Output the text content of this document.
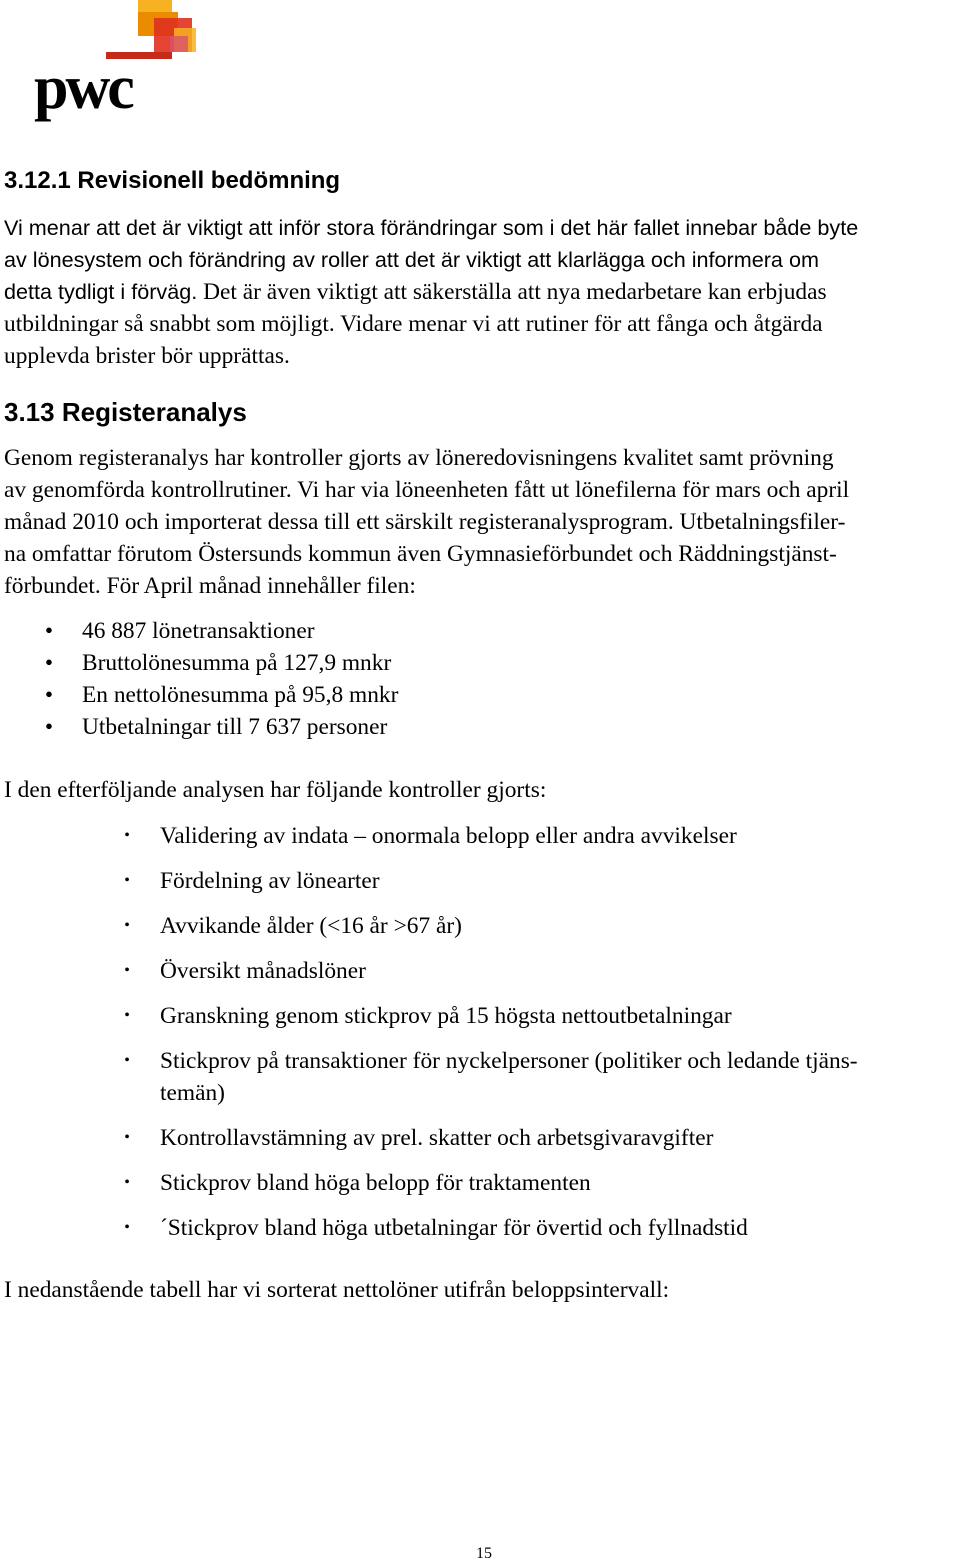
pwc
3.12.1 Revisionell bedömning

Vi menar att det är viktigt att inför stora förändringar som i det här fallet innebar både byte
av lönesystem och förändring av roller att det är viktigt att klarlägga och informera om
detta tydligt i förväg. Det är även viktigt att säkerställa att nya medarbetare kan erbjudas
utbildningar så snabbt som möjligt. Vidare menar vi att rutiner för att fånga och åtgärda
upplevda brister bör upprättas.

3.13 Registeranalys

Genom registeranalys har kontroller gjorts av löneredovisningens kvalitet samt prövning
av genomförda kontrollrutiner. Vi har via löneenheten fått ut lönefilerna för mars och april
månad 2010 och importerat dessa till ett särskilt registeranalysprogram. Utbetalningsfiler-
na omfattar förutom Östersunds kommun även Gymnasieförbundet och Räddningstjänst-
förbundet. För April månad innehåller filen:

• 46 887 lönetransaktioner
• Bruttolönesumma på 127,9 mnkr
• En nettolönesumma på 95,8 mnkr
• Utbetalningar till 7 637 personer

I den efterföljande analysen har följande kontroller gjorts:

• Validering av indata – onormala belopp eller andra avvikelser
• Fördelning av lönearter
• Avvikande ålder (<16 år >67 år)
• Översikt månadslöner
• Granskning genom stickprov på 15 högsta nettoutbetalningar
• Stickprov på transaktioner för nyckelpersoner (politiker och ledande tjäns-
temän)
• Kontrollavstämning av prel. skatter och arbetsgivaravgifter
• Stickprov bland höga belopp för traktamenten
• ´Stickprov bland höga utbetalningar för övertid och fyllnadstid

I nedanstående tabell har vi sorterat nettolöner utifrån beloppsintervall:

15
